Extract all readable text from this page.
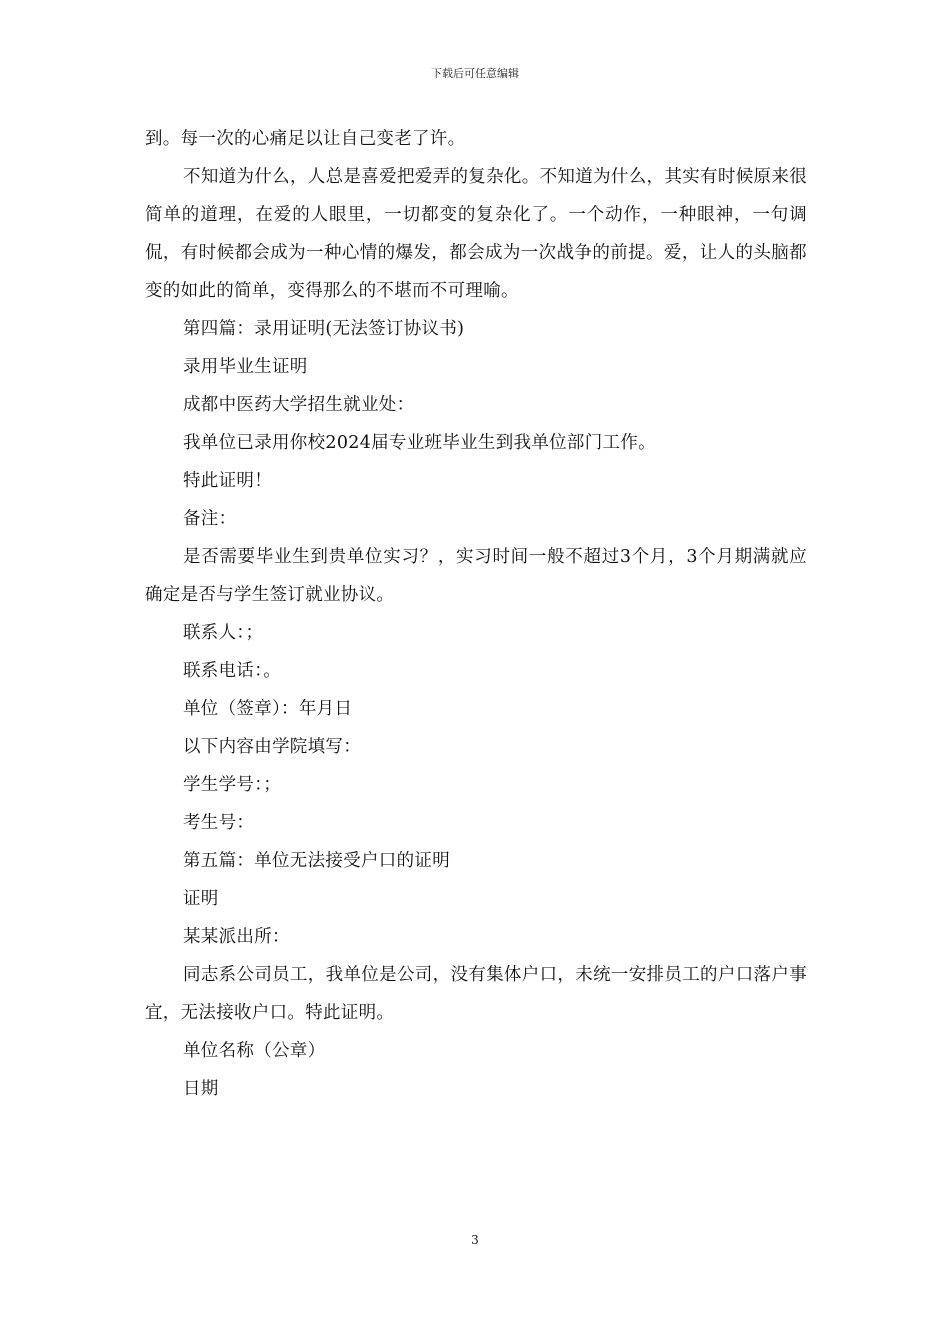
下载后可任意编辑

到。每一次的心痛足以让自己变老了许。

不知道为什么，人总是喜爱把爱弄的复杂化。不知道为什么，其实有时候原来很简单的道理，在爱的人眼里，一切都变的复杂化了。一个动作，一种眼神，一句调侃，有时候都会成为一种心情的爆发，都会成为一次战争的前提。爱，让人的头脑都变的如此的简单，变得那么的不堪而不可理喻。

第四篇：录用证明(无法签订协议书)

录用毕业生证明

成都中医药大学招生就业处：

我单位已录用你校2024届专业班毕业生到我单位部门工作。

特此证明！

备注：

是否需要毕业生到贵单位实习？，实习时间一般不超过3个月，3个月期满就应确定是否与学生签订就业协议。

联系人：；

联系电话：。

单位（签章）：年月日

以下内容由学院填写：

学生学号：；

考生号：

第五篇：单位无法接受户口的证明

证明

某某派出所：

同志系公司员工，我单位是公司，没有集体户口，未统一安排员工的户口落户事宜，无法接收户口。特此证明。

单位名称（公章）

日期

3
